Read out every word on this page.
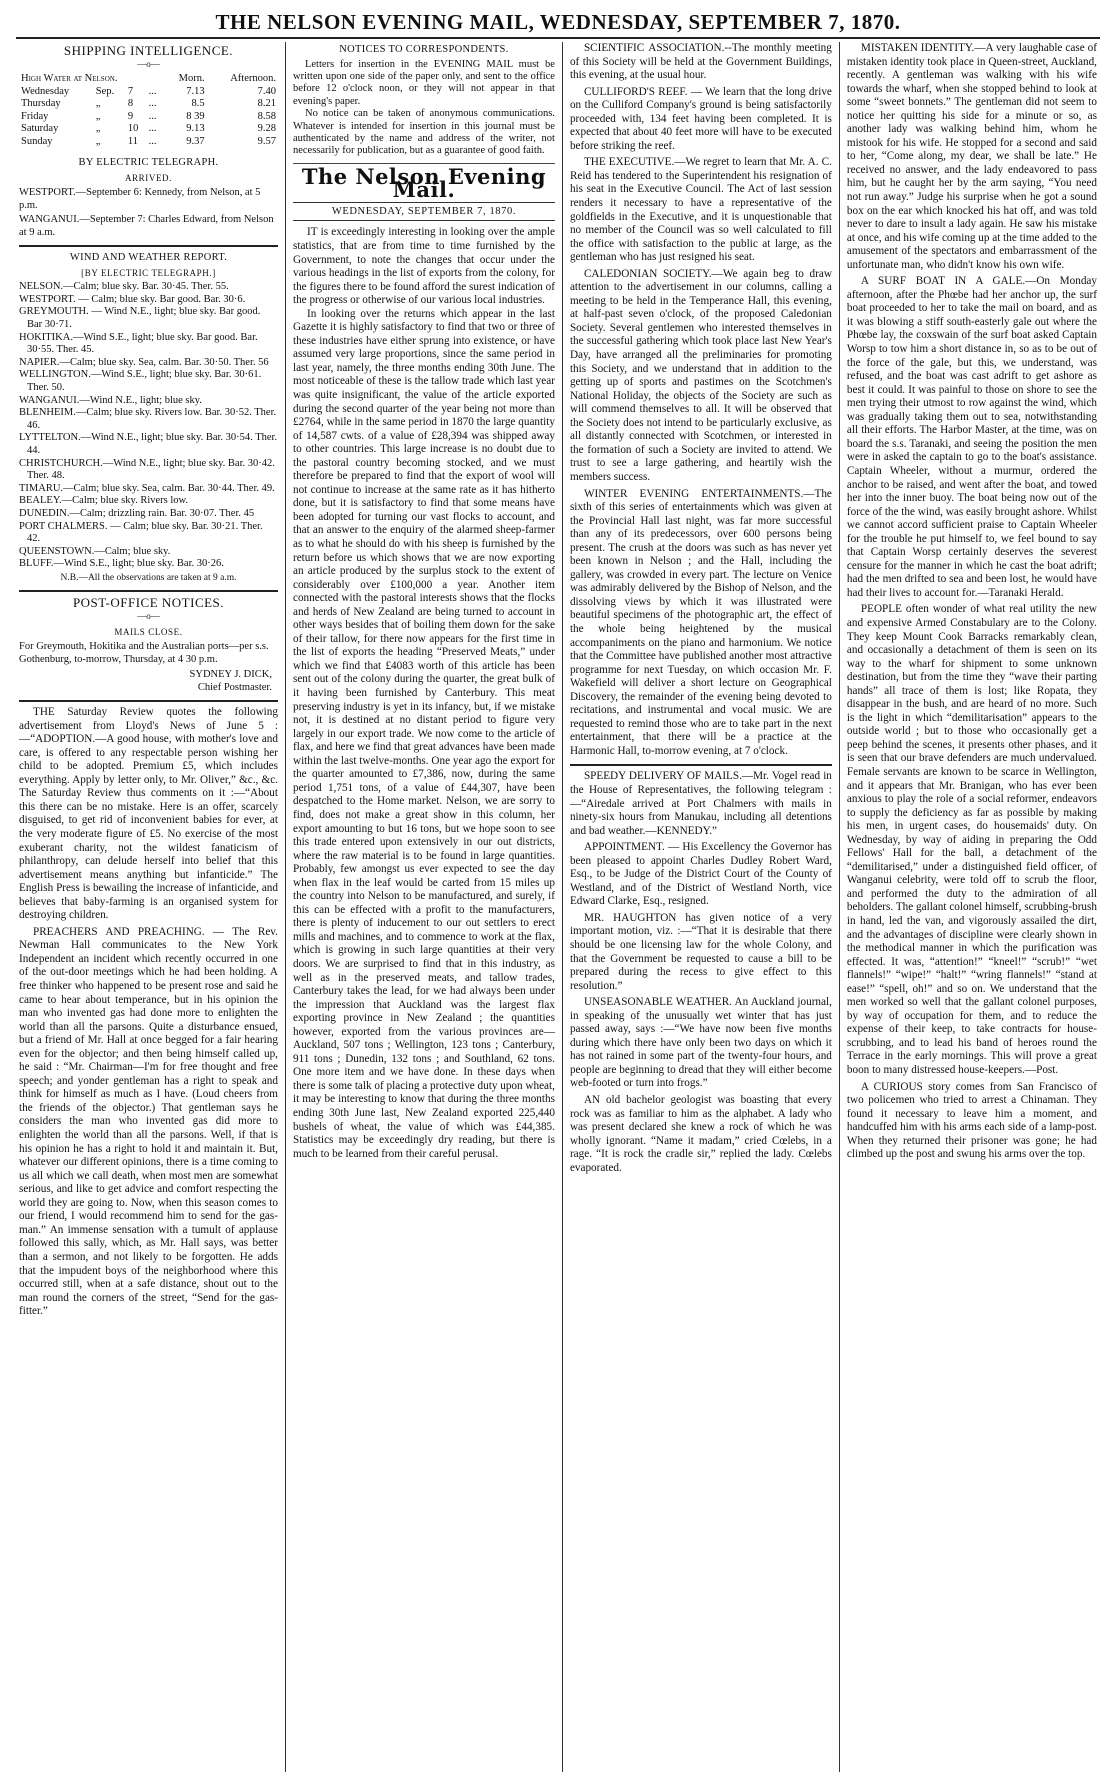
THE NELSON EVENING MAIL, WEDNESDAY, SEPTEMBER 7, 1870.
SHIPPING INTELLIGENCE.
—o—
High Water at Nelson.				Morn.	Afternoon.
Wednesday	Sep.	7	...	7.13	7.40
Thursday	„	8	...	8.5	8.21
Friday	„	9	...	8 39	8.58
Saturday	„	10	...	9.13	9.28
Sunday	„	11	...	9.37	9.57
BY ELECTRIC TELEGRAPH.
ARRIVED.

WESTPORT.—September 6: Kennedy, from Nelson, at 5 p.m.

WANGANUI.—September 7: Charles Edward, from Nelson at 9 a.m.

WIND AND WEATHER REPORT.
[BY ELECTRIC TELEGRAPH.]

NELSON.—Calm; blue sky. Bar. 30·45. Ther. 55.

WESTPORT. — Calm; blue sky. Bar good. Bar. 30·6.

GREYMOUTH. — Wind N.E., light; blue sky. Bar good. Bar 30·71.

HOKITIKA.—Wind S.E., light; blue sky. Bar good. Bar. 30·55. Ther. 45.

NAPIER.—Calm; blue sky. Sea, calm. Bar. 30·50. Ther. 56

WELLINGTON.—Wind S.E., light; blue sky. Bar. 30·61. Ther. 50.

WANGANUI.—Wind N.E., light; blue sky.

BLENHEIM.—Calm; blue sky. Rivers low. Bar. 30·52. Ther. 46.

LYTTELTON.—Wind N.E., light; blue sky. Bar. 30·54. Ther. 44.

CHRISTCHURCH.—Wind N.E., light; blue sky. Bar. 30·42. Ther. 48.

TIMARU.—Calm; blue sky. Sea, calm. Bar. 30·44. Ther. 49.

BEALEY.—Calm; blue sky. Rivers low.

DUNEDIN.—Calm; drizzling rain. Bar. 30·07. Ther. 45

PORT CHALMERS. — Calm; blue sky. Bar. 30·21. Ther. 42.

QUEENSTOWN.—Calm; blue sky.

BLUFF.—Wind S.E., light; blue sky. Bar. 30·26.

N.B.—All the observations are taken at 9 a.m.
POST-OFFICE NOTICES.
—o—
MAILS CLOSE.

For Greymouth, Hokitika and the Australian ports—per s.s. Gothenburg, to-morrow, Thursday, at 4 30 p.m.

SYDNEY J. DICK,
Chief Postmaster.

THE Saturday Review quotes the following advertisement from Lloyd's News of June 5 :—“ADOPTION.—A good house, with mother's love and care, is offered to any respectable person wishing her child to be adopted. Premium £5, which includes everything. Apply by letter only, to Mr. Oliver,” &c., &c. The Saturday Review thus comments on it :—“About this there can be no mistake. Here is an offer, scarcely disguised, to get rid of inconvenient babies for ever, at the very moderate figure of £5. No exercise of the most exuberant charity, not the wildest fanaticism of philanthropy, can delude herself into belief that this advertisement means anything but infanticide.” The English Press is bewailing the increase of infanticide, and believes that baby-farming is an organised system for destroying children.

PREACHERS AND PREACHING. — The Rev. Newman Hall communicates to the New York Independent an incident which recently occurred in one of the out-door meetings which he had been holding. A free thinker who happened to be present rose and said he came to hear about temperance, but in his opinion the man who invented gas had done more to enlighten the world than all the parsons. Quite a disturbance ensued, but a friend of Mr. Hall at once begged for a fair hearing even for the objector; and then being himself called up, he said : “Mr. Chairman—I'm for free thought and free speech; and yonder gentleman has a right to speak and think for himself as much as I have. (Loud cheers from the friends of the objector.) That gentleman says he considers the man who invented gas did more to enlighten the world than all the parsons. Well, if that is his opinion he has a right to hold it and maintain it. But, whatever our different opinions, there is a time coming to us all which we call death, when most men are somewhat serious, and like to get advice and comfort respecting the world they are going to. Now, when this season comes to our friend, I would recommend him to send for the gas-man.” An immense sensation with a tumult of applause followed this sally, which, as Mr. Hall says, was better than a sermon, and not likely to be forgotten. He adds that the impudent boys of the neighborhood where this occurred still, when at a safe distance, shout out to the man round the corners of the street, “Send for the gas-fitter.”

NOTICES TO CORRESPONDENTS.

Letters for insertion in the EVENING MAIL must be written upon one side of the paper only, and sent to the office before 12 o'clock noon, or they will not appear in that evening's paper.

No notice can be taken of anonymous communications. Whatever is intended for insertion in this journal must be authenticated by the name and address of the writer, not necessarily for publication, but as a guarantee of good faith.

The Nelson Evening Mail.
WEDNESDAY, SEPTEMBER 7, 1870.

IT is exceedingly interesting in looking over the ample statistics, that are from time to time furnished by the Government, to note the changes that occur under the various headings in the list of exports from the colony, for the figures there to be found afford the surest indication of the progress or otherwise of our various local industries.

In looking over the returns which appear in the last Gazette it is highly satisfactory to find that two or three of these industries have either sprung into existence, or have assumed very large proportions, since the same period in last year, namely, the three months ending 30th June. The most noticeable of these is the tallow trade which last year was quite insignificant, the value of the article exported during the second quarter of the year being not more than £2764, while in the same period in 1870 the large quantity of 14,587 cwts. of a value of £28,394 was shipped away to other countries. This large increase is no doubt due to the pastoral country becoming stocked, and we must therefore be prepared to find that the export of wool will not continue to increase at the same rate as it has hitherto done, but it is satisfactory to find that some means have been adopted for turning our vast flocks to account, and that an answer to the enquiry of the alarmed sheep-farmer as to what he should do with his sheep is furnished by the return before us which shows that we are now exporting an article produced by the surplus stock to the extent of considerably over £100,000 a year. Another item connected with the pastoral interests shows that the flocks and herds of New Zealand are being turned to account in other ways besides that of boiling them down for the sake of their tallow, for there now appears for the first time in the list of exports the heading “Preserved Meats,” under which we find that £4083 worth of this article has been sent out of the colony during the quarter, the great bulk of it having been furnished by Canterbury. This meat preserving industry is yet in its infancy, but, if we mistake not, it is destined at no distant period to figure very largely in our export trade. We now come to the article of flax, and here we find that great advances have been made within the last twelve-months. One year ago the export for the quarter amounted to £7,386, now, during the same period 1,751 tons, of a value of £44,307, have been despatched to the Home market. Nelson, we are sorry to find, does not make a great show in this column, her export amounting to but 16 tons, but we hope soon to see this trade entered upon extensively in our out districts, where the raw material is to be found in large quantities. Probably, few amongst us ever expected to see the day when flax in the leaf would be carted from 15 miles up the country into Nelson to be manufactured, and surely, if this can be effected with a profit to the manufacturers, there is plenty of inducement to our out settlers to erect mills and machines, and to commence to work at the flax, which is growing in such large quantities at their very doors. We are surprised to find that in this industry, as well as in the preserved meats, and tallow trades, Canterbury takes the lead, for we had always been under the impression that Auckland was the largest flax exporting province in New Zealand ; the quantities however, exported from the various provinces are—Auckland, 507 tons ; Wellington, 123 tons ; Canterbury, 911 tons ; Dunedin, 132 tons ; and Southland, 62 tons. One more item and we have done. In these days when there is some talk of placing a protective duty upon wheat, it may be interesting to know that during the three months ending 30th June last, New Zealand exported 225,440 bushels of wheat, the value of which was £44,385. Statistics may be exceedingly dry reading, but there is much to be learned from their careful perusal.

SCIENTIFIC ASSOCIATION.--The monthly meeting of this Society will be held at the Government Buildings, this evening, at the usual hour.

CULLIFORD'S REEF. — We learn that the long drive on the Culliford Company's ground is being satisfactorily proceeded with, 134 feet having been completed. It is expected that about 40 feet more will have to be executed before striking the reef.

THE EXECUTIVE.—We regret to learn that Mr. A. C. Reid has tendered to the Superintendent his resignation of his seat in the Executive Council. The Act of last session renders it necessary to have a representative of the goldfields in the Executive, and it is unquestionable that no member of the Council was so well calculated to fill the office with satisfaction to the public at large, as the gentleman who has just resigned his seat.

CALEDONIAN SOCIETY.—We again beg to draw attention to the advertisement in our columns, calling a meeting to be held in the Temperance Hall, this evening, at half-past seven o'clock, of the proposed Caledonian Society. Several gentlemen who interested themselves in the successful gathering which took place last New Year's Day, have arranged all the preliminaries for promoting this Society, and we understand that in addition to the getting up of sports and pastimes on the Scotchmen's National Holiday, the objects of the Society are such as will commend themselves to all. It will be observed that the Society does not intend to be particularly exclusive, as all distantly connected with Scotchmen, or interested in the formation of such a Society are invited to attend. We trust to see a large gathering, and heartily wish the members success.

WINTER EVENING ENTERTAINMENTS.—The sixth of this series of entertainments which was given at the Provincial Hall last night, was far more successful than any of its predecessors, over 600 persons being present. The crush at the doors was such as has never yet been known in Nelson ; and the Hall, including the gallery, was crowded in every part. The lecture on Venice was admirably delivered by the Bishop of Nelson, and the dissolving views by which it was illustrated were beautiful specimens of the photographic art, the effect of the whole being heightened by the musical accompaniments on the piano and harmonium. We notice that the Committee have published another most attractive programme for next Tuesday, on which occasion Mr. F. Wakefield will deliver a short lecture on Geographical Discovery, the remainder of the evening being devoted to recitations, and instrumental and vocal music. We are requested to remind those who are to take part in the next entertainment, that there will be a practice at the Harmonic Hall, to-morrow evening, at 7 o'clock.

SPEEDY DELIVERY OF MAILS.—Mr. Vogel read in the House of Representatives, the following telegram :—“Airedale arrived at Port Chalmers with mails in ninety-six hours from Manukau, including all detentions and bad weather.—KENNEDY.”

APPOINTMENT. — His Excellency the Governor has been pleased to appoint Charles Dudley Robert Ward, Esq., to be Judge of the District Court of the County of Westland, and of the District of Westland North, vice Edward Clarke, Esq., resigned.

MR. HAUGHTON has given notice of a very important motion, viz. :—“That it is desirable that there should be one licensing law for the whole Colony, and that the Government be requested to cause a bill to be prepared during the recess to give effect to this resolution.”

UNSEASONABLE WEATHER. An Auckland journal, in speaking of the unusually wet winter that has just passed away, says :—“We have now been five months during which there have only been two days on which it has not rained in some part of the twenty-four hours, and people are beginning to dread that they will either become web-footed or turn into frogs.”

AN old bachelor geologist was boasting that every rock was as familiar to him as the alphabet. A lady who was present declared she knew a rock of which he was wholly ignorant. “Name it madam,” cried Cœlebs, in a rage. “It is rock the cradle sir,” replied the lady. Cœlebs evaporated.

MISTAKEN IDENTITY.—A very laughable case of mistaken identity took place in Queen-street, Auckland, recently. A gentleman was walking with his wife towards the wharf, when she stopped behind to look at some “sweet bonnets.” The gentleman did not seem to notice her quitting his side for a minute or so, as another lady was walking behind him, whom he mistook for his wife. He stopped for a second and said to her, “Come along, my dear, we shall be late.” He received no answer, and the lady endeavored to pass him, but he caught her by the arm saying, “You need not run away.” Judge his surprise when he got a sound box on the ear which knocked his hat off, and was told never to dare to insult a lady again. He saw his mistake at once, and his wife coming up at the time added to the amusement of the spectators and embarrassment of the unfortunate man, who didn't know his own wife.

A SURF BOAT IN A GALE.—On Monday afternoon, after the Phœbe had her anchor up, the surf boat proceeded to her to take the mail on board, and as it was blowing a stiff south-easterly gale out where the Phœbe lay, the coxswain of the surf boat asked Captain Worsp to tow him a short distance in, so as to be out of the force of the gale, but this, we understand, was refused, and the boat was cast adrift to get ashore as best it could. It was painful to those on shore to see the men trying their utmost to row against the wind, which was gradually taking them out to sea, notwithstanding all their efforts. The Harbor Master, at the time, was on board the s.s. Taranaki, and seeing the position the men were in asked the captain to go to the boat's assistance. Captain Wheeler, without a murmur, ordered the anchor to be raised, and went after the boat, and towed her into the inner buoy. The boat being now out of the force of the the wind, was easily brought ashore. Whilst we cannot accord sufficient praise to Captain Wheeler for the trouble he put himself to, we feel bound to say that Captain Worsp certainly deserves the severest censure for the manner in which he cast the boat adrift; had the men drifted to sea and been lost, he would have had their lives to account for.—Taranaki Herald.

PEOPLE often wonder of what real utility the new and expensive Armed Constabulary are to the Colony. They keep Mount Cook Barracks remarkably clean, and occasionally a detachment of them is seen on its way to the wharf for shipment to some unknown destination, but from the time they “wave their parting hands” all trace of them is lost; like Ropata, they disappear in the bush, and are heard of no more. Such is the light in which “demilitarisation” appears to the outside world ; but to those who occasionally get a peep behind the scenes, it presents other phases, and it is seen that our brave defenders are much undervalued. Female servants are known to be scarce in Wellington, and it appears that Mr. Branigan, who has ever been anxious to play the role of a social reformer, endeavors to supply the deficiency as far as possible by making his men, in urgent cases, do housemaids' duty. On Wednesday, by way of aiding in preparing the Odd Fellows' Hall for the ball, a detachment of the “demilitarised,” under a distinguished field officer, of Wanganui celebrity, were told off to scrub the floor, and performed the duty to the admiration of all beholders. The gallant colonel himself, scrubbing-brush in hand, led the van, and vigorously assailed the dirt, and the advantages of discipline were clearly shown in the methodical manner in which the purification was effected. It was, “attention!” “kneel!” “scrub!” “wet flannels!” “wipe!” “halt!” “wring flannels!” “stand at ease!” “spell, oh!” and so on. We understand that the men worked so well that the gallant colonel purposes, by way of occupation for them, and to reduce the expense of their keep, to take contracts for house-scrubbing, and to lead his band of heroes round the Terrace in the early mornings. This will prove a great boon to many distressed house-keepers.—Post.

A CURIOUS story comes from San Francisco of two policemen who tried to arrest a Chinaman. They found it necessary to leave him a moment, and handcuffed him with his arms each side of a lamp-post. When they returned their prisoner was gone; he had climbed up the post and swung his arms over the top.
